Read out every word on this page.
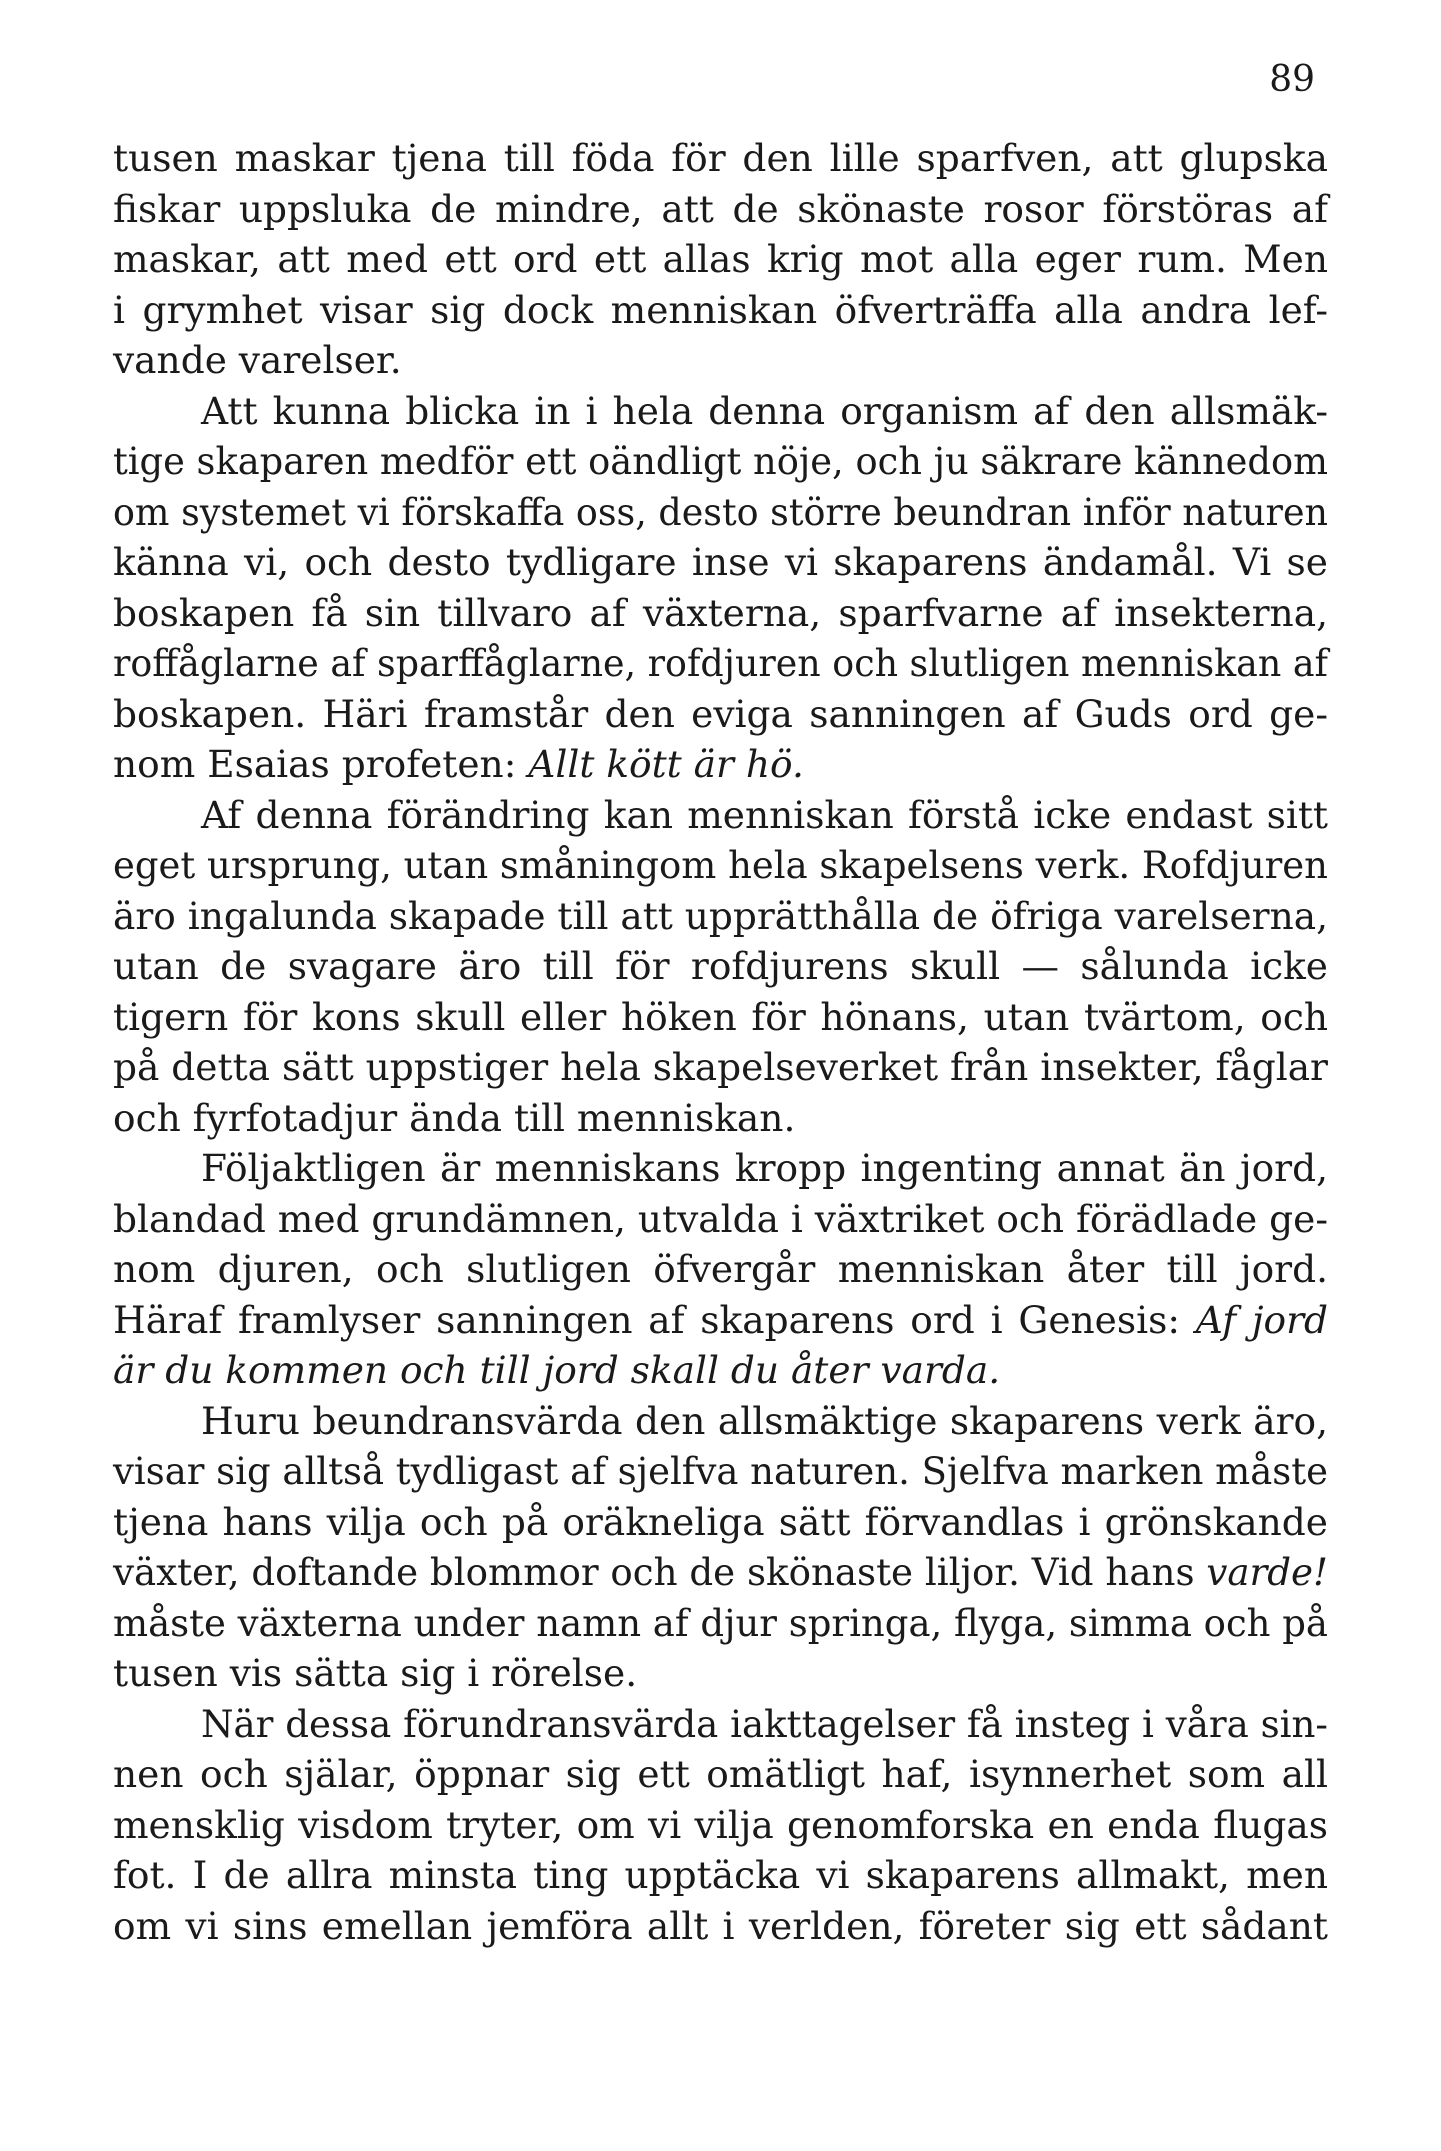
89
tusen maskar tjena till föda för den lille sparfven, att glupska
fiskar uppsluka de mindre, att de skönaste rosor förstöras af
maskar, att med ett ord ett allas krig mot alla eger rum. Men
i grymhet visar sig dock menniskan öfverträffa alla andra lef-
vande varelser.
Att kunna blicka in i hela denna organism af den allsmäk-
tige skaparen medför ett oändligt nöje, och ju säkrare kännedom
om systemet vi förskaffa oss, desto större beundran inför naturen
känna vi, och desto tydligare inse vi skaparens ändamål. Vi se
boskapen få sin tillvaro af växterna, sparfvarne af insekterna,
roffåglarne af sparffåglarne, rofdjuren och slutligen menniskan af
boskapen. Häri framstår den eviga sanningen af Guds ord ge-
nom Esaias profeten: Allt kött är hö.
Af denna förändring kan menniskan förstå icke endast sitt
eget ursprung, utan småningom hela skapelsens verk. Rofdjuren
äro ingalunda skapade till att upprätthålla de öfriga varelserna,
utan de svagare äro till för rofdjurens skull — sålunda icke
tigern för kons skull eller höken för hönans, utan tvärtom, och
på detta sätt uppstiger hela skapelseverket från insekter, fåglar
och fyrfotadjur ända till menniskan.
Följaktligen är menniskans kropp ingenting annat än jord,
blandad med grundämnen, utvalda i växtriket och förädlade ge-
nom djuren, och slutligen öfvergår menniskan åter till jord.
Häraf framlyser sanningen af skaparens ord i Genesis: Af jord
är du kommen och till jord skall du åter varda.
Huru beundransvärda den allsmäktige skaparens verk äro,
visar sig alltså tydligast af sjelfva naturen. Sjelfva marken måste
tjena hans vilja och på oräkneliga sätt förvandlas i grönskande
växter, doftande blommor och de skönaste liljor. Vid hans varde!
måste växterna under namn af djur springa, flyga, simma och på
tusen vis sätta sig i rörelse.
När dessa förundransvärda iakttagelser få insteg i våra sin-
nen och själar, öppnar sig ett omätligt haf, isynnerhet som all
mensklig visdom tryter, om vi vilja genomforska en enda flugas
fot. I de allra minsta ting upptäcka vi skaparens allmakt, men
om vi sins emellan jemföra allt i verlden, företer sig ett sådant
